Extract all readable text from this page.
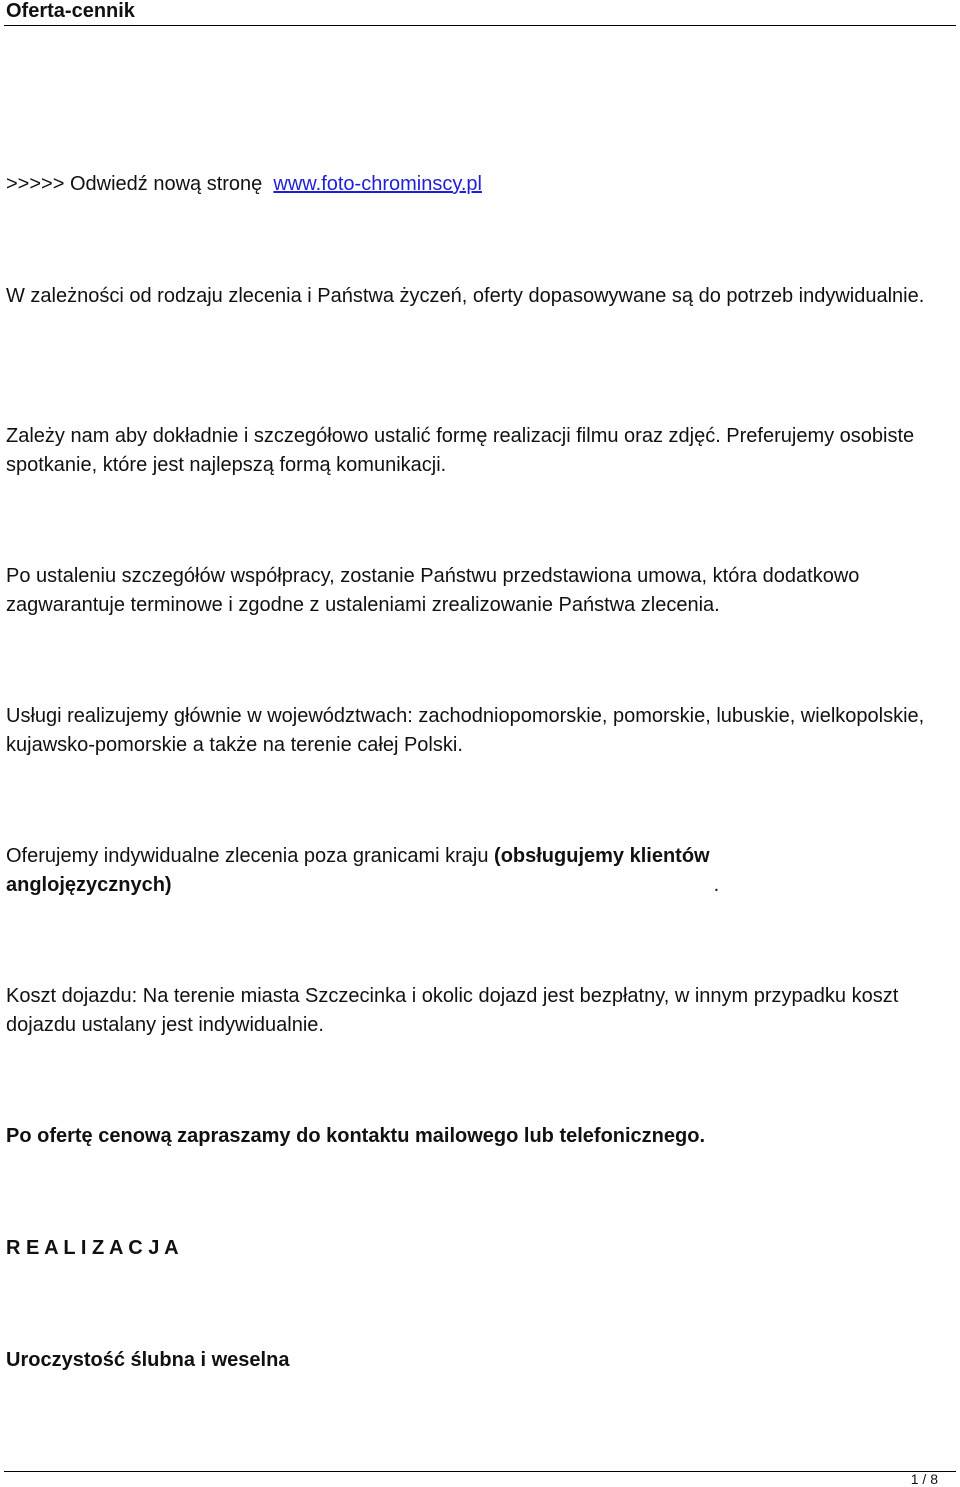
Oferta-cennik

>>>>> Odwiedź nową stronę www.foto-chrominscy.pl

W zależności od rodzaju zlecenia i Państwa życzeń, oferty dopasowywane są do potrzeb indywidualnie.

Zależy nam aby dokładnie i szczegółowo ustalić formę realizacji filmu oraz zdjęć. Preferujemy osobiste spotkanie, które jest najlepszą formą komunikacji.

Po ustaleniu szczegółów współpracy, zostanie Państwu przedstawiona umowa, która dodatkowo zagwarantuje terminowe i zgodne z ustaleniami zrealizowanie Państwa zlecenia.

Usługi realizujemy głównie w województwach: zachodniopomorskie, pomorskie, lubuskie, wielkopolskie, kujawsko-pomorskie a także na terenie całej Polski.

Oferujemy indywidualne zlecenia poza granicami kraju (obsługujemy klientów
anglojęzycznych)	.

Koszt dojazdu: Na terenie miasta Szczecinka i okolic dojazd jest bezpłatny, w innym przypadku koszt dojazdu ustalany jest indywidualnie.

Po ofertę cenową zapraszamy do kontaktu mailowego lub telefonicznego.

R E A L I Z A C J A

Uroczystość ślubna i weselna

1 / 8
